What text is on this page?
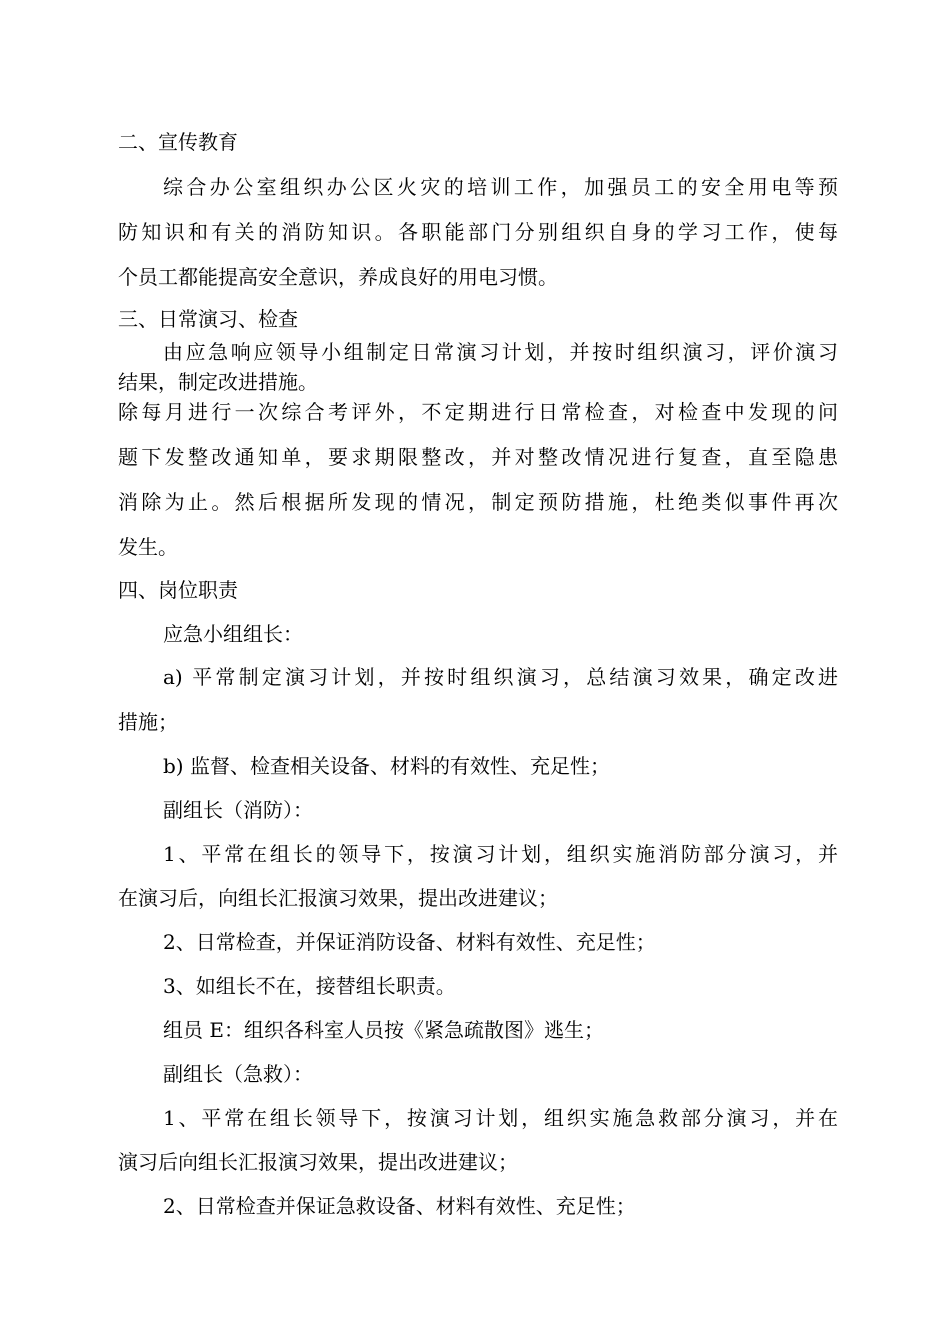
二、宣传教育
综合办公室组织办公区火灾的培训工作，加强员工的安全用电等预
防知识和有关的消防知识。各职能部门分别组织自身的学习工作，使每
个员工都能提高安全意识，养成良好的用电习惯。
三、日常演习、检查
由应急响应领导小组制定日常演习计划，并按时组织演习，评价演习
结果，制定改进措施。
除每月进行一次综合考评外，不定期进行日常检查，对检查中发现的问
题下发整改通知单，要求期限整改，并对整改情况进行复查，直至隐患
消除为止。然后根据所发现的情况，制定预防措施，杜绝类似事件再次
发生。
四、岗位职责
应急小组组长：
a) 平常制定演习计划，并按时组织演习，总结演习效果，确定改进
措施；
b) 监督、检查相关设备、材料的有效性、充足性；
副组长（消防）：
1、平常在组长的领导下，按演习计划，组织实施消防部分演习，并
在演习后，向组长汇报演习效果，提出改进建议；
2、日常检查，并保证消防设备、材料有效性、充足性；
3、如组长不在，接替组长职责。
组员 E：组织各科室人员按《紧急疏散图》逃生；
副组长（急救）：
1、平常在组长领导下，按演习计划，组织实施急救部分演习，并在
演习后向组长汇报演习效果，提出改进建议；
2、日常检查并保证急救设备、材料有效性、充足性；
